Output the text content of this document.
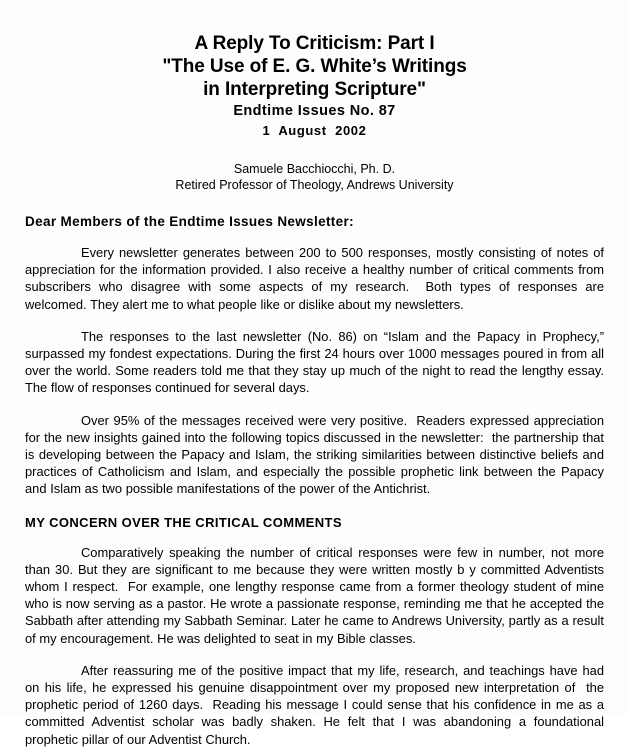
A Reply To Criticism: Part I
"The Use of E. G. White’s Writings
in Interpreting Scripture"
Endtime Issues No. 87
1  August  2002
Samuele Bacchiocchi, Ph. D.
Retired Professor of Theology, Andrews University
Dear Members of the Endtime Issues Newsletter:

Every newsletter generates between 200 to 500 responses, mostly consisting of notes of appreciation for the information provided. I also receive a healthy number of critical comments from subscribers who disagree with some aspects of my research.  Both types of responses are welcomed. They alert me to what people like or dislike about my newsletters.

The responses to the last newsletter (No. 86) on “Islam and the Papacy in Prophecy,” surpassed my fondest expectations. During the first 24 hours over 1000 messages poured in from all over the world. Some readers told me that they stay up much of the night to read the lengthy essay. The flow of responses continued for several days.

Over 95% of the messages received were very positive.  Readers expressed appreciation for the new insights gained into the following topics discussed in the newsletter:  the partnership that is developing between the Papacy and Islam, the striking similarities between distinctive beliefs and practices of Catholicism and Islam, and especially the possible prophetic link between the Papacy and Islam as two possible manifestations of the power of the Antichrist.

MY CONCERN OVER THE CRITICAL COMMENTS

Comparatively speaking the number of critical responses were few in number, not more than 30. But they are significant to me because they were written mostly b y committed Adventists whom I respect.  For example, one lengthy response came from a former theology student of mine who is now serving as a pastor. He wrote a passionate response, reminding me that he accepted the Sabbath after attending my Sabbath Seminar. Later he came to Andrews University, partly as a result of my encouragement. He was delighted to seat in my Bible classes.

After reassuring me of the positive impact that my life, research, and teachings have had on his life, he expressed his genuine disappointment over my proposed new interpretation of  the prophetic period of 1260 days.  Reading his message I could sense that his confidence in me as a committed Adventist scholar was badly shaken. He felt that I was abandoning a foundational prophetic pillar of our Adventist Church.
